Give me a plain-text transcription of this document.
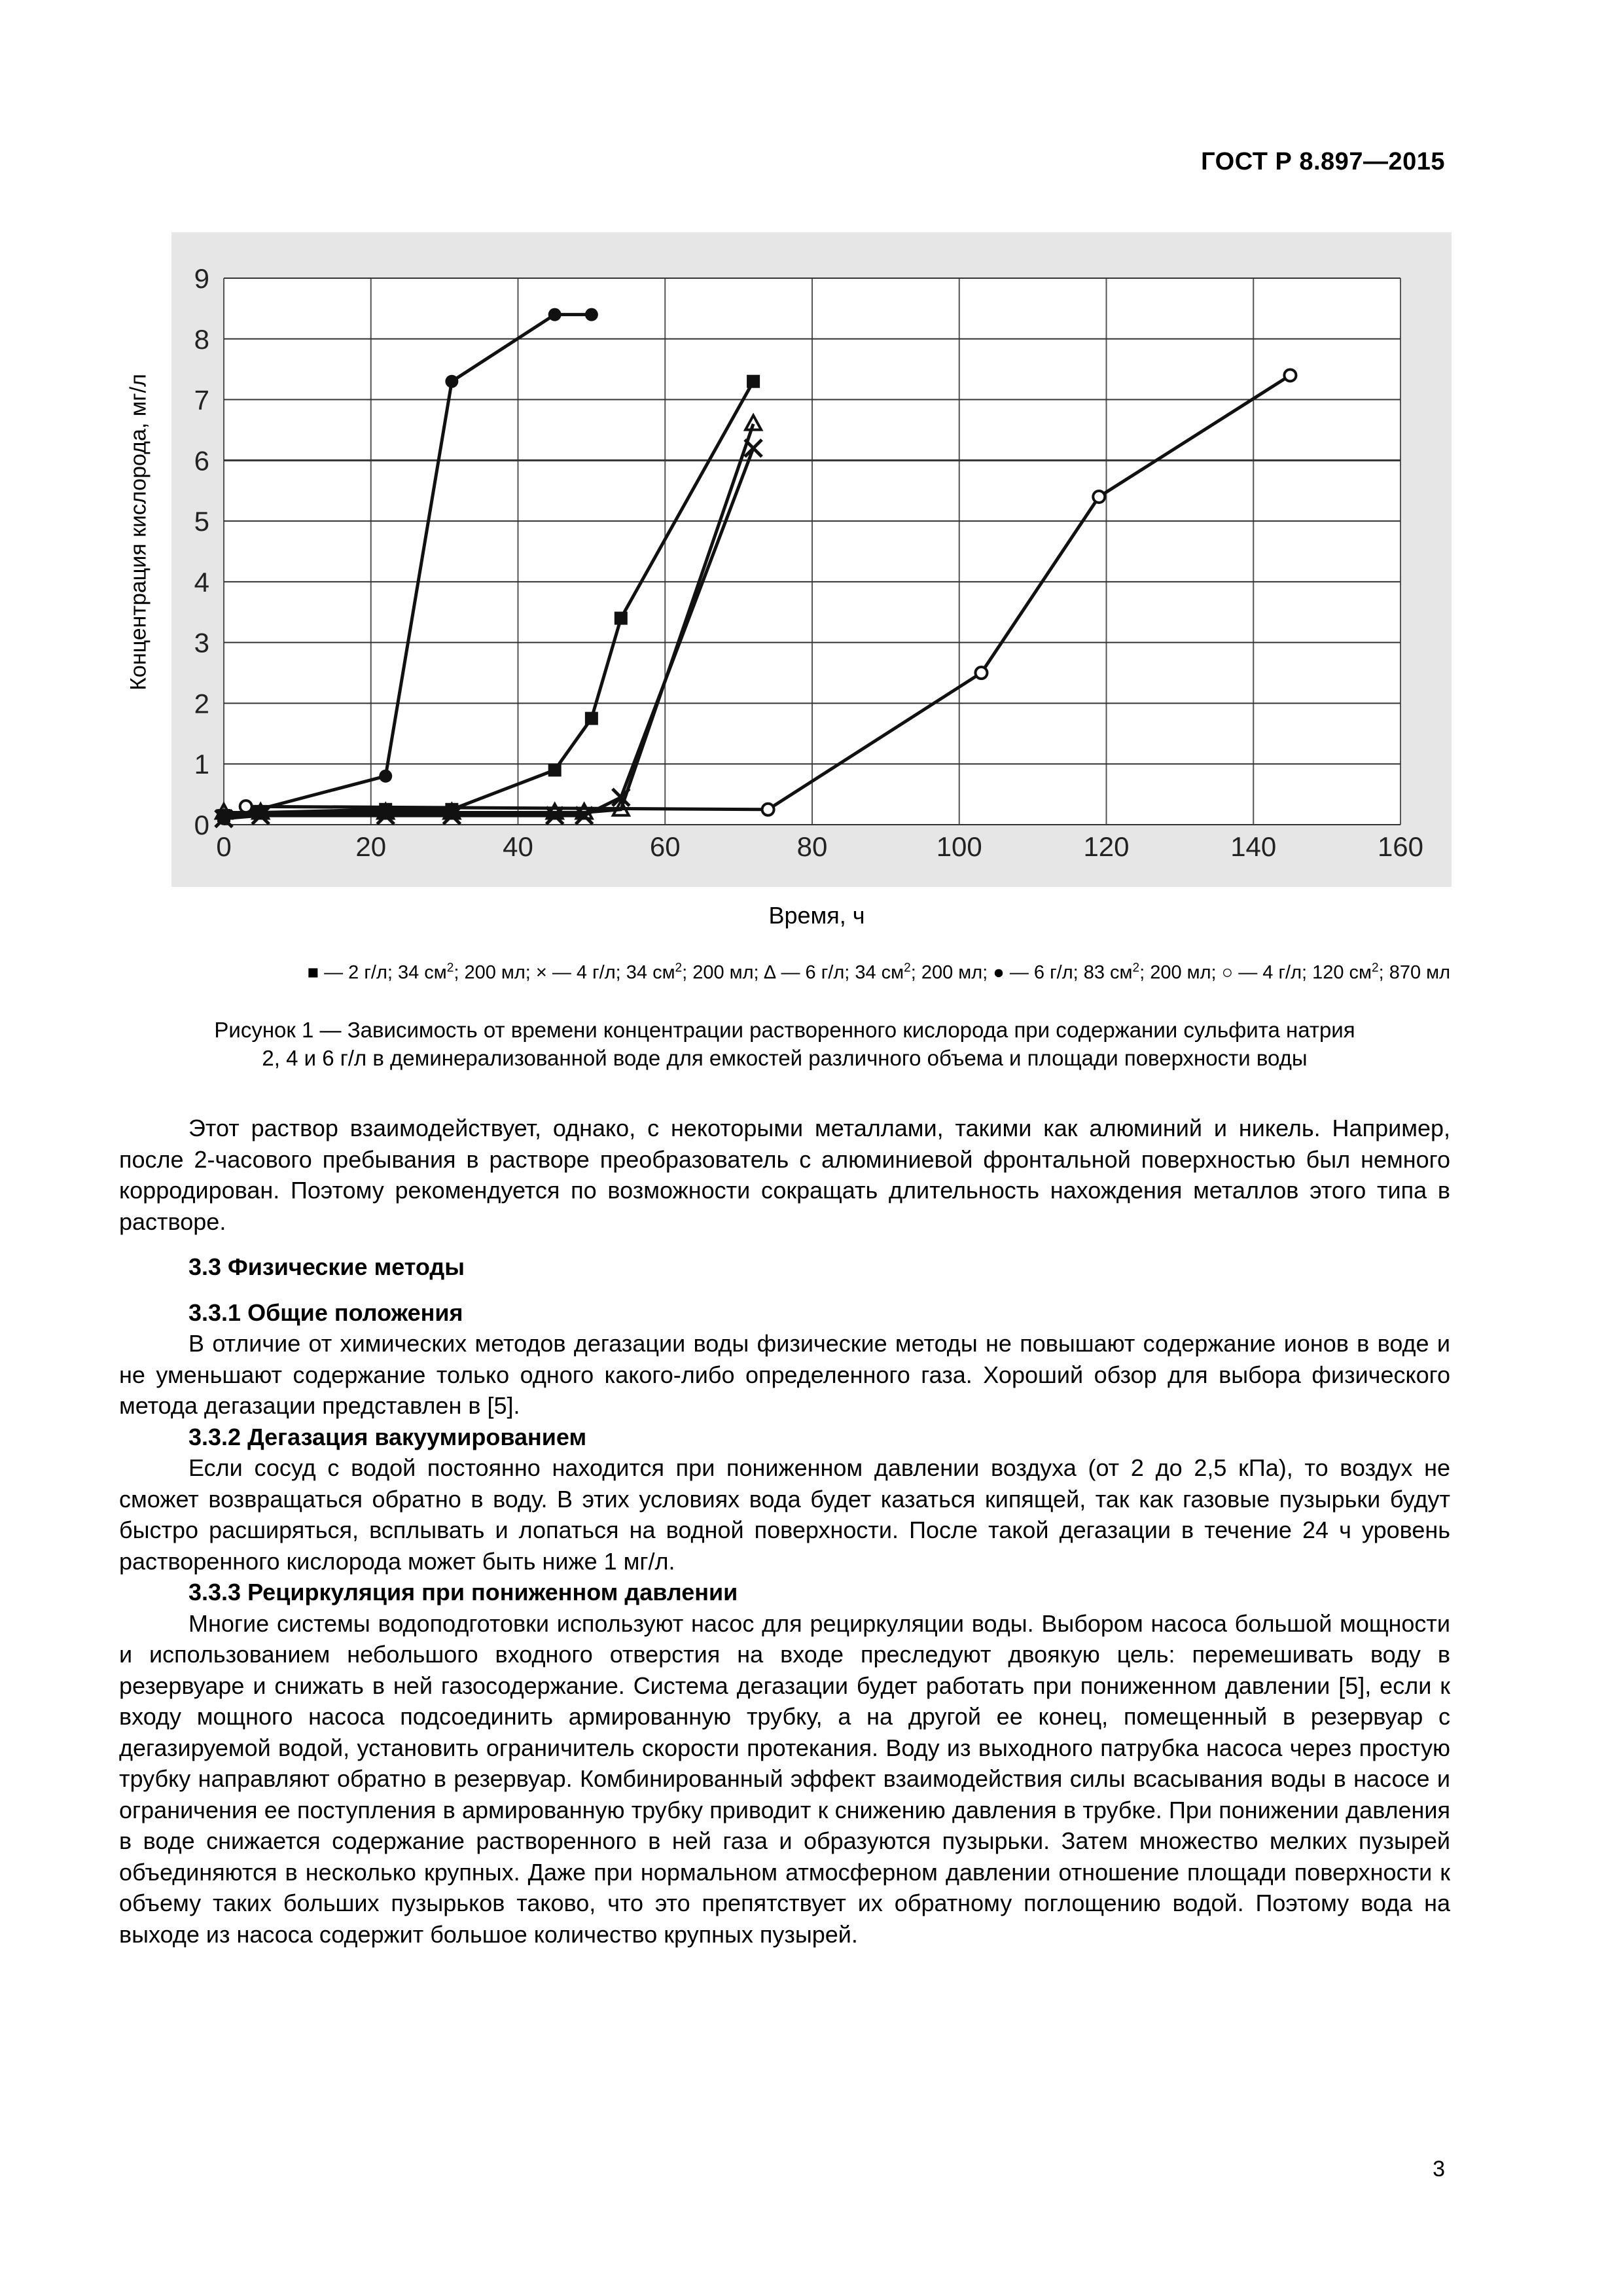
ГОСТ Р 8.897—2015
0	20	40	60	80	100	120	140	160
0
1
2
3
4
5
6
7
8
9
Концентрация кислорода, мг/л
Время, ч
■ — 2 г/л; 34 $см^2$; 200 мл; × — 4 г/л; 34 $см^2$; 200 мл; ∆ — 6 г/л; 34 $см^2$; 200 мл; ● — 6 г/л; 83 $см^2$; 200 мл; ○ — 4 г/л; 120 $см^2$; 870 мл
Рисунок 1 — Зависимость от времени концентрации растворенного кислорода при содержании сульфита натрия
2, 4 и 6 г/л в деминерализованной воде для емкостей различного объема и площади поверхности воды

Этот раствор взаимодействует, однако, с некоторыми металлами, такими как алюминий и никель. Например, после 2-часового пребывания в растворе преобразователь с алюминиевой фронтальной поверхностью был немного корродирован. Поэтому рекомендуется по возможности сокращать длительность нахождения металлов этого типа в растворе.

3.3 Физические методы

3.3.1 Общие положения

В отличие от химических методов дегазации воды физические методы не повышают содержание ионов в воде и не уменьшают содержание только одного какого-либо определенного газа. Хороший обзор для выбора физического метода дегазации представлен в [5].

3.3.2 Дегазация вакуумированием

Если сосуд с водой постоянно находится при пониженном давлении воздуха (от 2 до 2,5 кПа), то воздух не сможет возвращаться обратно в воду. В этих условиях вода будет казаться кипящей, так как газовые пузырьки будут быстро расширяться, всплывать и лопаться на водной поверхности. После такой дегазации в течение 24 ч уровень растворенного кислорода может быть ниже 1 мг/л.

3.3.3 Рециркуляция при пониженном давлении

Многие системы водоподготовки используют насос для рециркуляции воды. Выбором насоса большой мощности и использованием небольшого входного отверстия на входе преследуют двоякую цель: перемешивать воду в резервуаре и снижать в ней газосодержание. Система дегазации будет работать при пониженном давлении [5], если к входу мощного насоса подсоединить армированную трубку, а на другой ее конец, помещенный в резервуар с дегазируемой водой, установить ограничитель скорости протекания. Воду из выходного патрубка насоса через простую трубку направляют обратно в резервуар. Комбинированный эффект взаимодействия силы всасывания воды в насосе и ограничения ее поступления в армированную трубку приводит к снижению давления в трубке. При понижении давления в воде снижается содержание растворенного в ней газа и образуются пузырьки. Затем множество мелких пузырей объединяются в несколько крупных. Даже при нормальном атмосферном давлении отношение площади поверхности к объему таких больших пузырьков таково, что это препятствует их обратному поглощению водой. Поэтому вода на выходе из насоса содержит большое количество крупных пузырей.

3
